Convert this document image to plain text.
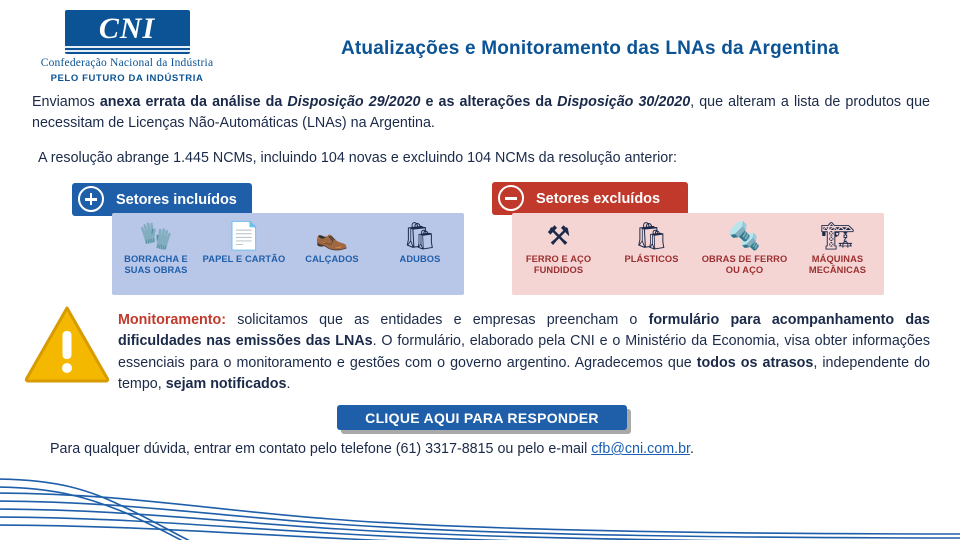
CNI
Confederação Nacional da Indústria
PELO FUTURO DA INDÚSTRIA
Atualizações e Monitoramento das LNAs da Argentina
Enviamos anexa errata da análise da Disposição 29/2020 e as alterações da Disposição 30/2020, que alteram a lista de produtos que necessitam de Licenças Não-Automáticas (LNAs) na Argentina.
A resolução abrange 1.445 NCMs, incluindo 104 novas e excluindo 104 NCMs da resolução anterior:
Setores incluídos	Setores excluídos
🧤
BORRACHA E SUAS OBRAS
📄
PAPEL E CARTÃO
👞
CALÇADOS
🛍
ADUBOS
⚒
FERRO E AÇO FUNDIDOS
🛍
PLÁSTICOS
🔩
OBRAS DE FERRO OU AÇO
🏗
MÁQUINAS MECÂNICAS
Monitoramento: solicitamos que as entidades e empresas preencham o formulário para acompanhamento das dificuldades nas emissões das LNAs. O formulário, elaborado pela CNI e o Ministério da Economia, visa obter informações essenciais para o monitoramento e gestões com o governo argentino. Agradecemos que todos os atrasos, independente do tempo, sejam notificados.
CLIQUE AQUI PARA RESPONDER
Para qualquer dúvida, entrar em contato pelo telefone (61) 3317-8815 ou pelo e-mail cfb@cni.com.br.
